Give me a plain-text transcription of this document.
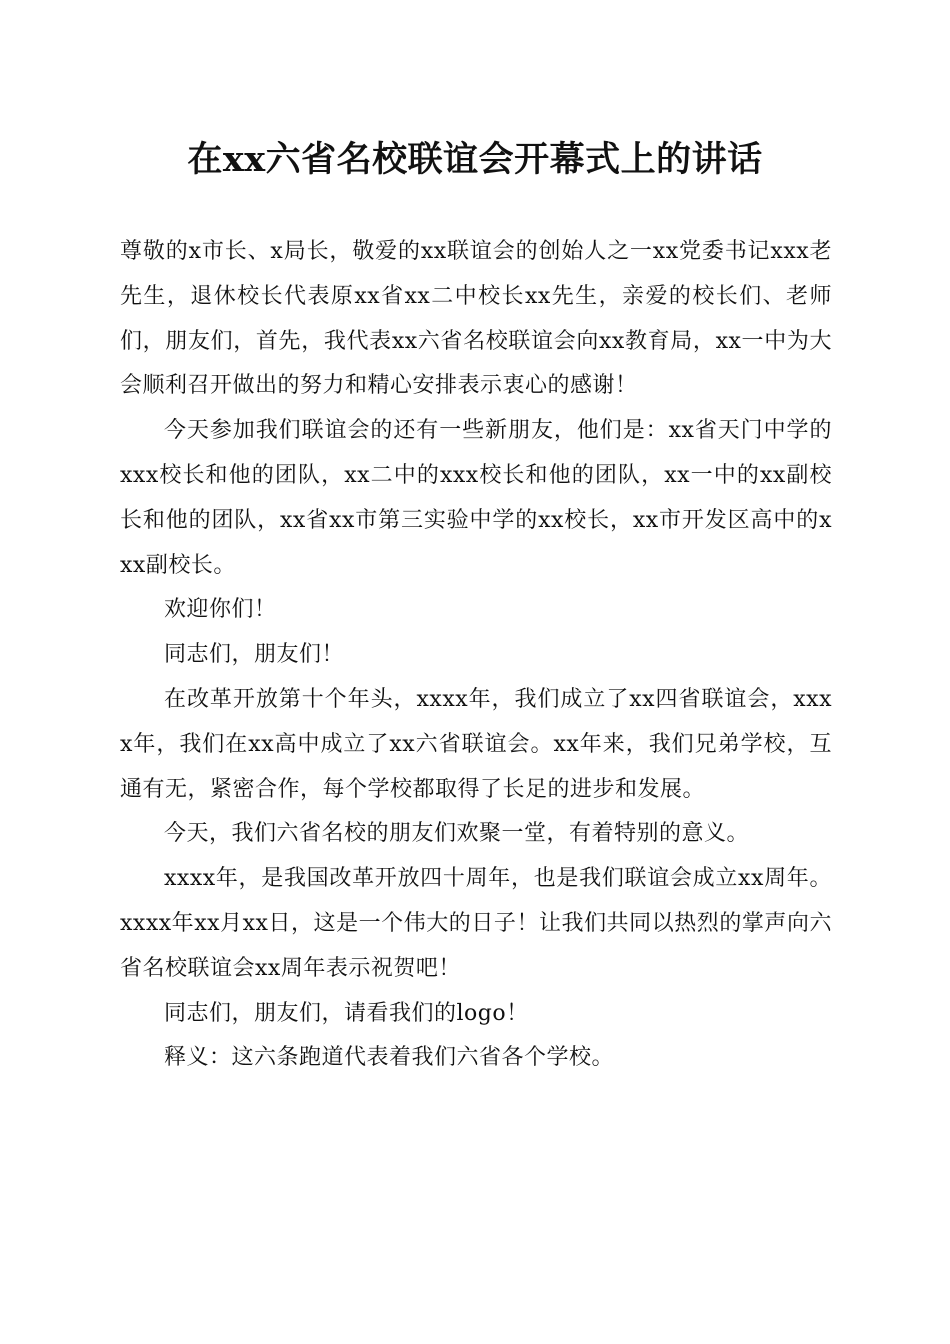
在xx六省名校联谊会开幕式上的讲话

尊敬的x市长、x局长，敬爱的xx联谊会的创始人之一xx党委书记xxx老先生，退休校长代表原xx省xx二中校长xx先生，亲爱的校长们、老师们，朋友们，首先，我代表xx六省名校联谊会向xx教育局，xx一中为大会顺利召开做出的努力和精心安排表示衷心的感谢！

今天参加我们联谊会的还有一些新朋友，他们是：xx省天门中学的xxx校长和他的团队，xx二中的xxx校长和他的团队，xx一中的xx副校长和他的团队，xx省xx市第三实验中学的xx校长，xx市开发区高中的xxx副校长。

欢迎你们！

同志们，朋友们！

在改革开放第十个年头，xxxx年，我们成立了xx四省联谊会，xxxx年，我们在xx高中成立了xx六省联谊会。xx年来，我们兄弟学校，互通有无，紧密合作，每个学校都取得了长足的进步和发展。

今天，我们六省名校的朋友们欢聚一堂，有着特别的意义。

xxxx年，是我国改革开放四十周年，也是我们联谊会成立xx周年。xxxx年xx月xx日，这是一个伟大的日子！让我们共同以热烈的掌声向六省名校联谊会xx周年表示祝贺吧！

同志们，朋友们，请看我们的logo！

释义：这六条跑道代表着我们六省各个学校。
